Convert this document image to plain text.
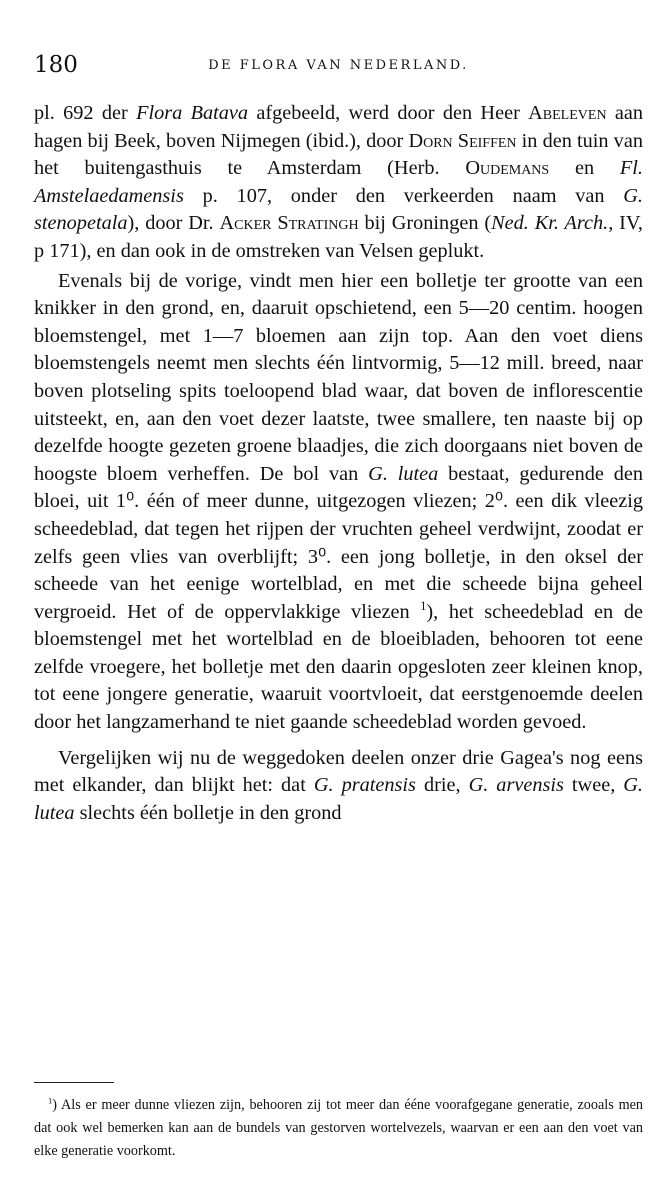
180	DE FLORA VAN NEDERLAND.

pl. 692 der Flora Batava afgebeeld, werd door den Heer Abeleven aan hagen bij Beek, boven Nijmegen (ibid.), door Dorn Seiffen in den tuin van het buitengasthuis te Amsterdam (Herb. Oudemans en Fl. Amstelaedamensis p. 107, onder den verkeerden naam van G. stenopetala), door Dr. Acker Stratingh bij Groningen (Ned. Kr. Arch., IV, p 171), en dan ook in de omstreken van Velsen geplukt.

Evenals bij de vorige, vindt men hier een bolletje ter grootte van een knikker in den grond, en, daaruit opschietend, een 5—20 centim. hoogen bloemstengel, met 1—7 bloemen aan zijn top. Aan den voet diens bloemstengels neemt men slechts één lintvormig, 5—12 mill. breed, naar boven plotseling spits toeloopend blad waar, dat boven de inflorescentie uitsteekt, en, aan den voet dezer laatste, twee smallere, ten naaste bij op dezelfde hoogte gezeten groene blaadjes, die zich doorgaans niet boven de hoogste bloem verheffen. De bol van G. lutea bestaat, gedurende den bloei, uit 1⁰. één of meer dunne, uitgezogen vliezen; 2⁰. een dik vleezig scheedeblad, dat tegen het rijpen der vruchten geheel verdwijnt, zoodat er zelfs geen vlies van overblijft; 3⁰. een jong bolletje, in den oksel der scheede van het eenige wortelblad, en met die scheede bijna geheel vergroeid. Het of de oppervlakkige vliezen $^1$), het scheedeblad en de bloemstengel met het wortelblad en de bloeibladen, behooren tot eene zelfde vroegere, het bolletje met den daarin opgesloten zeer kleinen knop, tot eene jongere generatie, waaruit voortvloeit, dat eerstgenoemde deelen door het langzamerhand te niet gaande scheedeblad worden gevoed.

Vergelijken wij nu de weggedoken deelen onzer drie Gagea's nog eens met elkander, dan blijkt het: dat G. pratensis drie, G. arvensis twee, G. lutea slechts één bolletje in den grond

$^1$) Als er meer dunne vliezen zijn, behooren zij tot meer dan ééne voorafgegane generatie, zooals men dat ook wel bemerken kan aan de bundels van gestorven wortelvezels, waarvan er een aan den voet van elke generatie voorkomt.
